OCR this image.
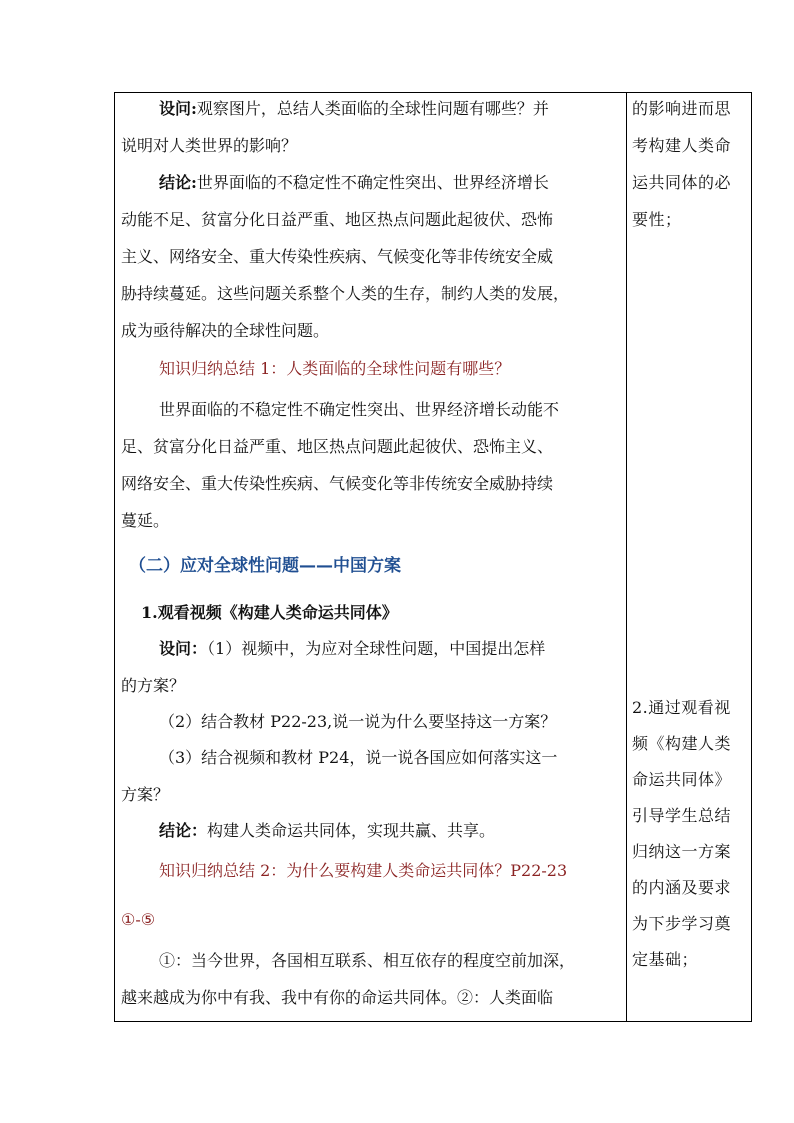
设问:观察图片，总结人类面临的全球性问题有哪些？并
说明对人类世界的影响？
结论:世界面临的不稳定性不确定性突出、世界经济增长
动能不足、贫富分化日益严重、地区热点问题此起彼伏、恐怖
主义、网络安全、重大传染性疾病、气候变化等非传统安全威
胁持续蔓延。这些问题关系整个人类的生存，制约人类的发展，
成为亟待解决的全球性问题。
知识归纳总结 1：人类面临的全球性问题有哪些？
世界面临的不稳定性不确定性突出、世界经济增长动能不
足、贫富分化日益严重、地区热点问题此起彼伏、恐怖主义、
网络安全、重大传染性疾病、气候变化等非传统安全威胁持续
蔓延。
（二）应对全球性问题——中国方案
1.观看视频《构建人类命运共同体》
设问：（1）视频中，为应对全球性问题，中国提出怎样
的方案？
（2）结合教材 P22-23,说一说为什么要坚持这一方案？
（3）结合视频和教材 P24，说一说各国应如何落实这一
方案？
结论：构建人类命运共同体，实现共赢、共享。
知识归纳总结 2：为什么要构建人类命运共同体？P22-23
①-⑤
①：当今世界，各国相互联系、相互依存的程度空前加深，
越来越成为你中有我、我中有你的命运共同体。②：人类面临
的影响进而思
考构建人类命
运共同体的必
要性；
2.通过观看视
频《构建人类
命运共同体》
引导学生总结
归纳这一方案
的内涵及要求
为下步学习奠
定基础；
